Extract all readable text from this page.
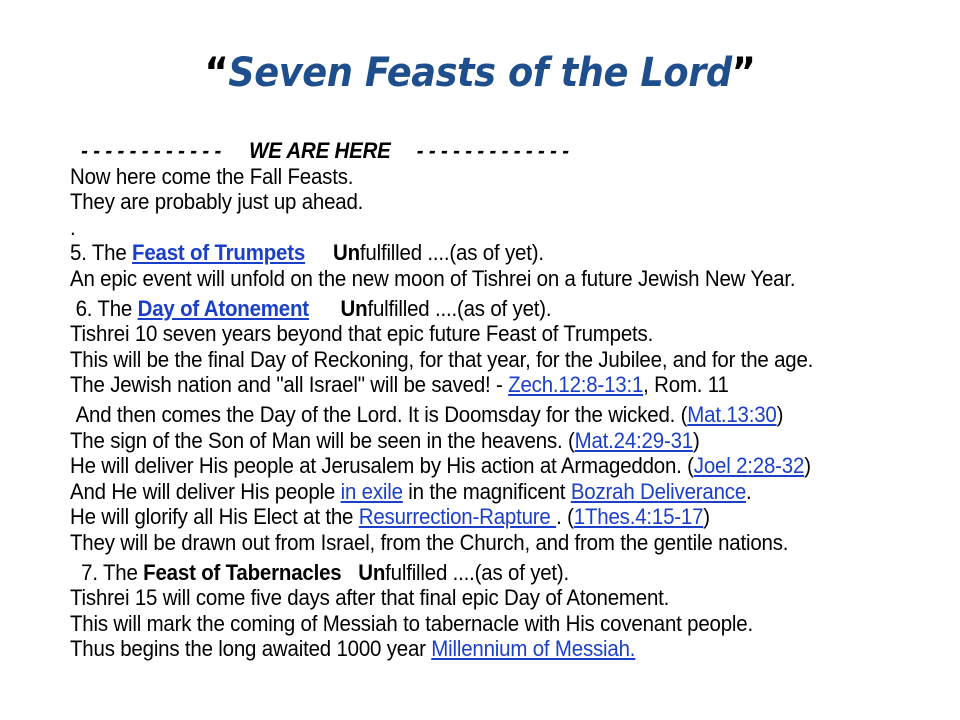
“Seven Feasts of the Lord”
- - - - - - - - - - - - WE ARE HERE - - - - - - - - - - - - -
Now here come the Fall Feasts.
They are probably just up ahead.
.
5. The Feast of Trumpets Unfulfilled ....(as of yet).
An epic event will unfold on the new moon of Tishrei on a future Jewish New Year.
6. The Day of Atonement Unfulfilled ....(as of yet).
Tishrei 10 seven years beyond that epic future Feast of Trumpets.
This will be the final Day of Reckoning, for that year, for the Jubilee, and for the age.
The Jewish nation and "all Israel" will be saved! - Zech.12:8-13:1, Rom. 11
And then comes the Day of the Lord. It is Doomsday for the wicked. (Mat.13:30)
The sign of the Son of Man will be seen in the heavens. (Mat.24:29-31)
He will deliver His people at Jerusalem by His action at Armageddon. (Joel 2:28-32)
And He will deliver His people in exile in the magnificent Bozrah Deliverance.
He will glorify all His Elect at the Resurrection-Rapture . (1Thes.4:15-17)
They will be drawn out from Israel, from the Church, and from the gentile nations.
7. The Feast of Tabernacles Unfulfilled ....(as of yet).
Tishrei 15 will come five days after that final epic Day of Atonement.
This will mark the coming of Messiah to tabernacle with His covenant people.
Thus begins the long awaited 1000 year Millennium of Messiah.
